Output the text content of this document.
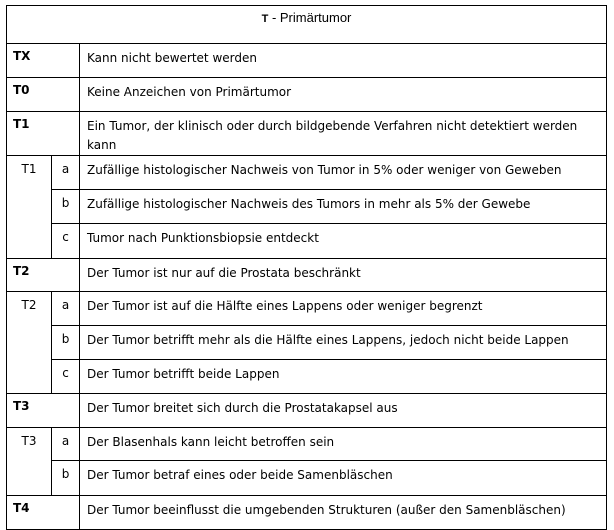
T - Primärtumor		
TX		Kann nicht bewertet werden
T0		Keine Anzeichen von Primärtumor
T1		Ein Tumor, der klinisch oder durch bildgebende Verfahren nicht detektiert werden kann
T1	a	Zufällige histologischer Nachweis von Tumor in 5% oder weniger von Geweben
	b	Zufällige histologischer Nachweis des Tumors in mehr als 5% der Gewebe
	c	Tumor nach Punktionsbiopsie entdeckt
T2		Der Tumor ist nur auf die Prostata beschränkt
T2	a	Der Tumor ist auf die Hälfte eines Lappens oder weniger begrenzt
	b	Der Tumor betrifft mehr als die Hälfte eines Lappens, jedoch nicht beide Lappen
	c	Der Tumor betrifft beide Lappen
T3		Der Tumor breitet sich durch die Prostatakapsel aus
T3	a	Der Blasenhals kann leicht betroffen sein
	b	Der Tumor betraf eines oder beide Samenbläschen
T4		Der Tumor beeinflusst die umgebenden Strukturen (außer den Samenbläschen)
